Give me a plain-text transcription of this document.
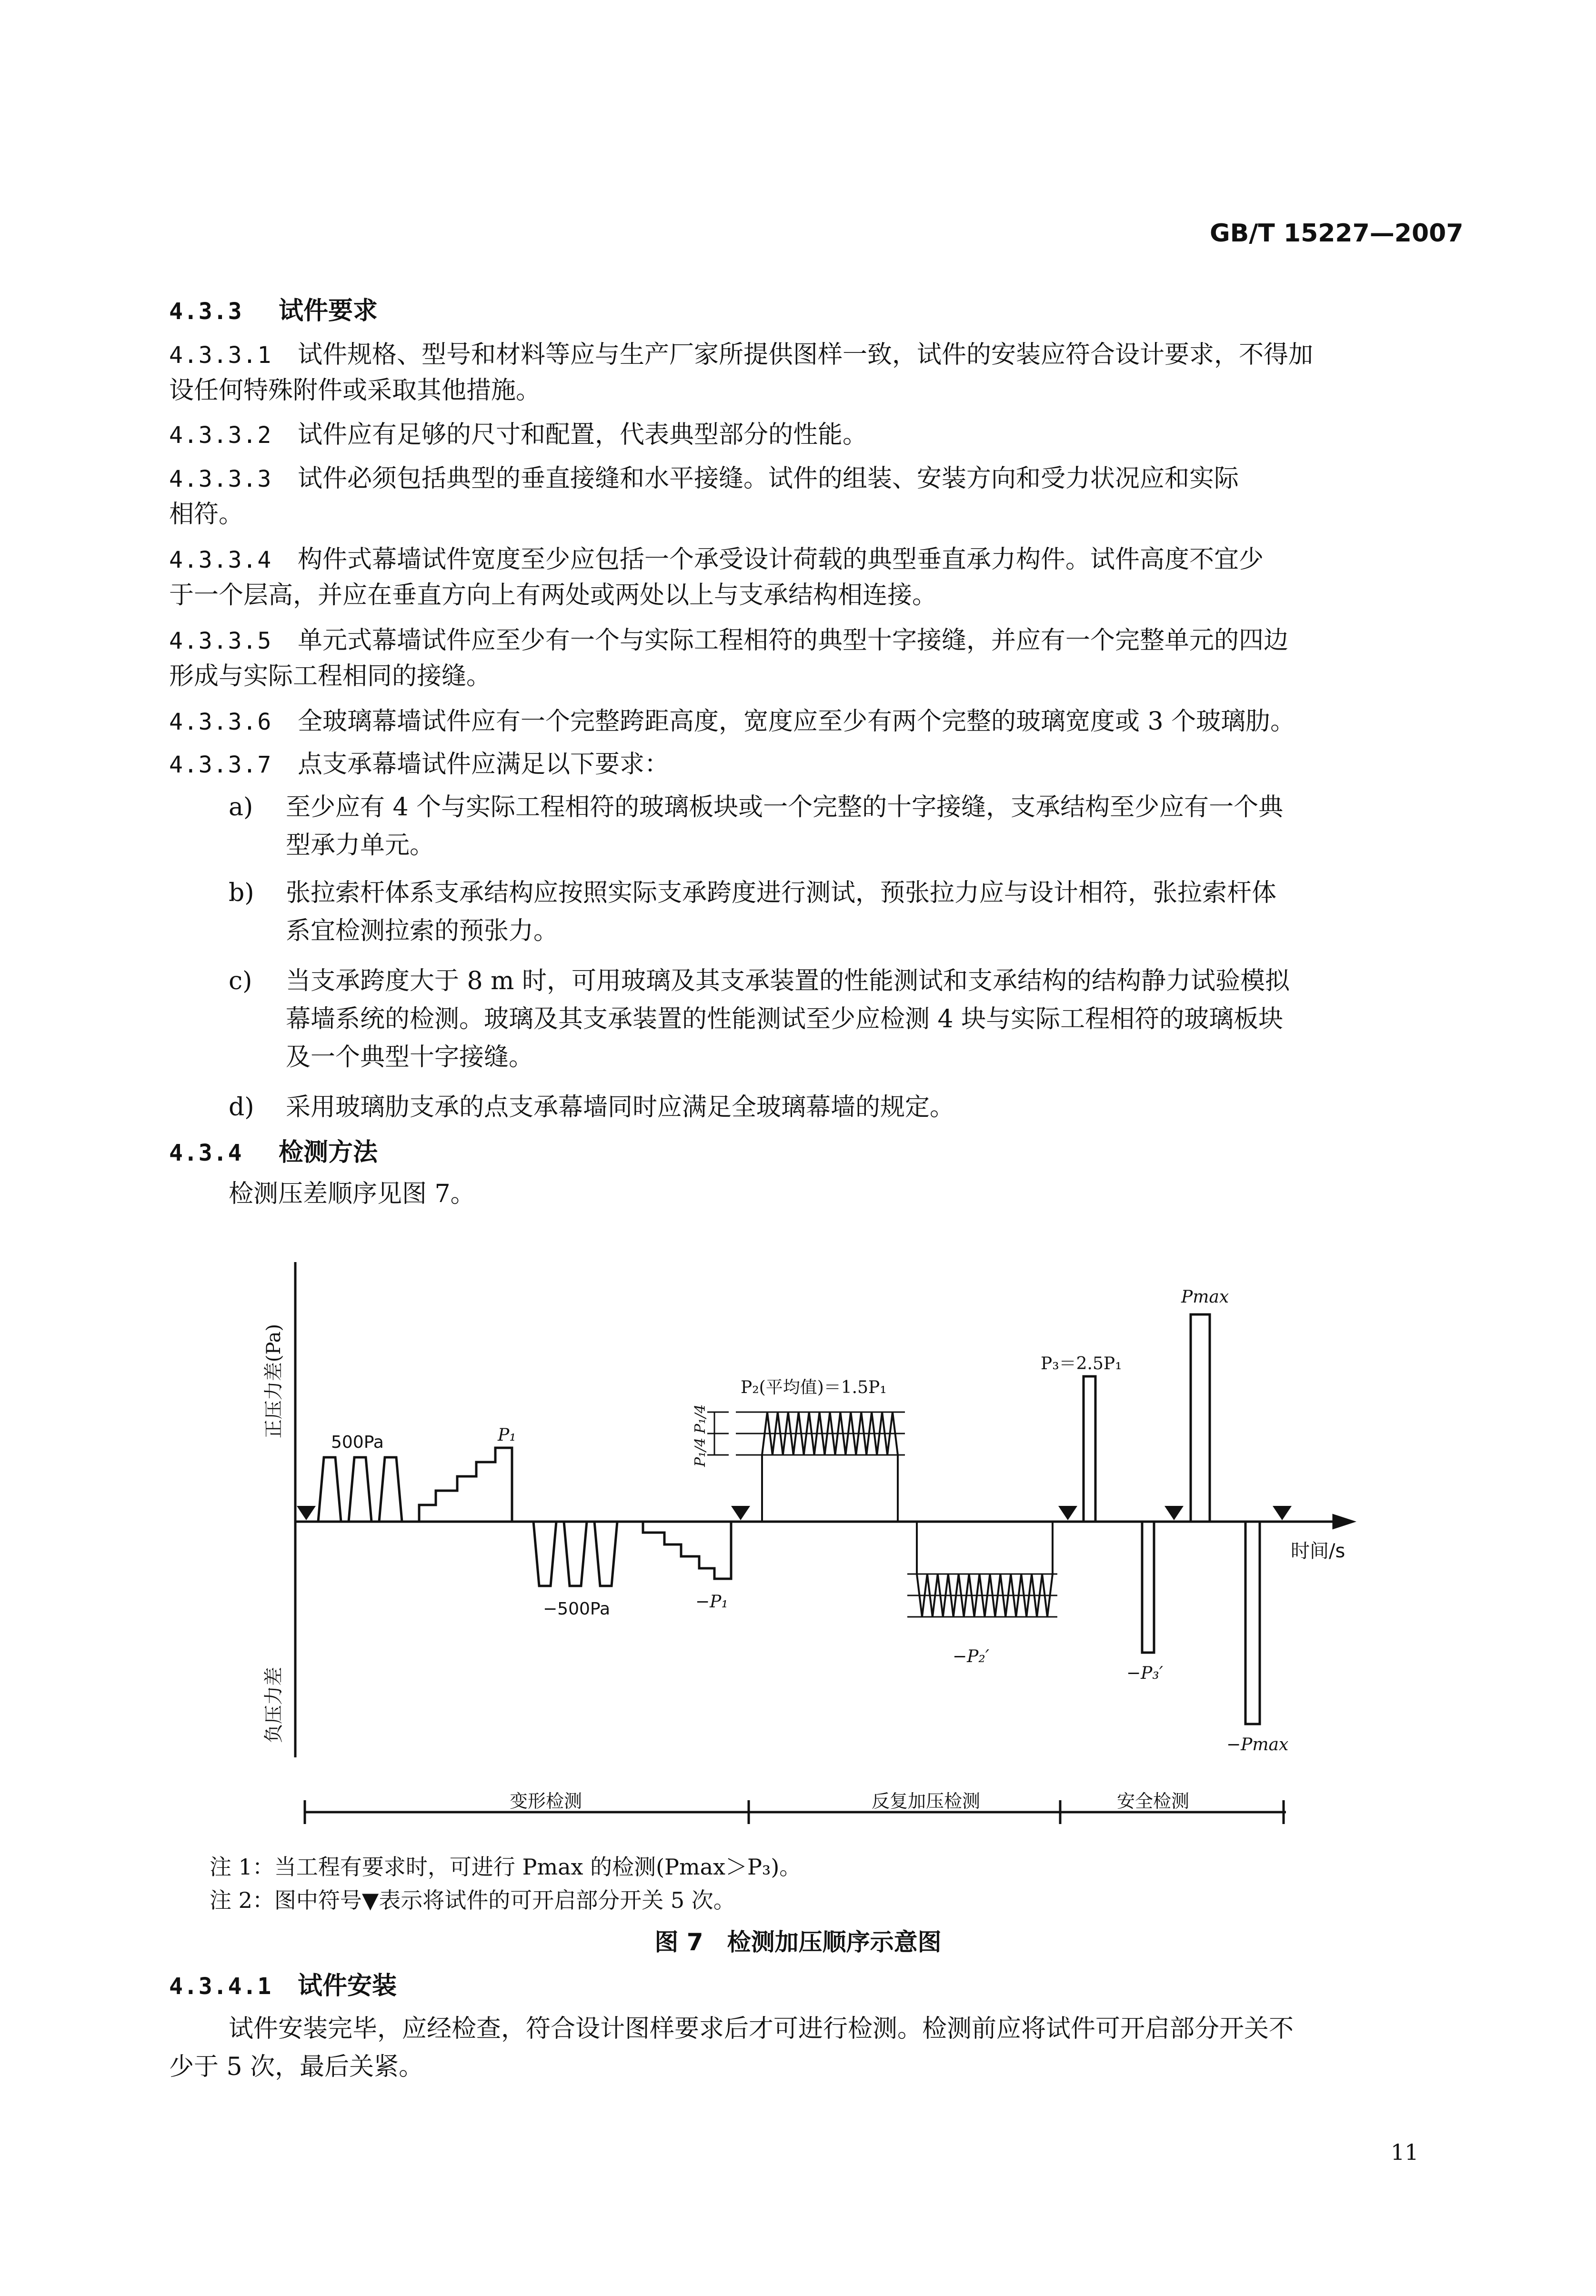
GB/T 15227—2007
4.3.3 试件要求
4.3.3.1 试件规格、型号和材料等应与生产厂家所提供图样一致，试件的安装应符合设计要求，不得加
设任何特殊附件或采取其他措施。
4.3.3.2 试件应有足够的尺寸和配置，代表典型部分的性能。
4.3.3.3 试件必须包括典型的垂直接缝和水平接缝。试件的组装、安装方向和受力状况应和实际
相符。
4.3.3.4 构件式幕墙试件宽度至少应包括一个承受设计荷载的典型垂直承力构件。试件高度不宜少
于一个层高，并应在垂直方向上有两处或两处以上与支承结构相连接。
4.3.3.5 单元式幕墙试件应至少有一个与实际工程相符的典型十字接缝，并应有一个完整单元的四边
形成与实际工程相同的接缝。
4.3.3.6 全玻璃幕墙试件应有一个完整跨距高度，宽度应至少有两个完整的玻璃宽度或 3 个玻璃肋。
4.3.3.7 点支承幕墙试件应满足以下要求：
a) 至少应有 4 个与实际工程相符的玻璃板块或一个完整的十字接缝，支承结构至少应有一个典
型承力单元。
b) 张拉索杆体系支承结构应按照实际支承跨度进行测试，预张拉力应与设计相符，张拉索杆体
系宜检测拉索的预张力。
c) 当支承跨度大于 8 m 时，可用玻璃及其支承装置的性能测试和支承结构的结构静力试验模拟
幕墙系统的检测。玻璃及其支承装置的性能测试至少应检测 4 块与实际工程相符的玻璃板块
及一个典型十字接缝。
d) 采用玻璃肋支承的点支承幕墙同时应满足全玻璃幕墙的规定。
4.3.4 检测方法
检测压差顺序见图 7。
正压力差(Pa)
负压力差
时间/s
500Pa	P₁
−500Pa	−P₁
P₂(平均值)＝1.5P₁
P₁/4
P₁/4
−P₂′
P₃＝2.5P₁
−P₃′
Pmax
−Pmax
变形检测	反复加压检测	安全检测
注 1：当工程有要求时，可进行 Pmax 的检测(Pmax＞P₃)。
注 2：图中符号▼表示将试件的可开启部分开关 5 次。
图 7　检测加压顺序示意图
4.3.4.1 试件安装
试件安装完毕，应经检查，符合设计图样要求后才可进行检测。检测前应将试件可开启部分开关不
少于 5 次，最后关紧。
11
